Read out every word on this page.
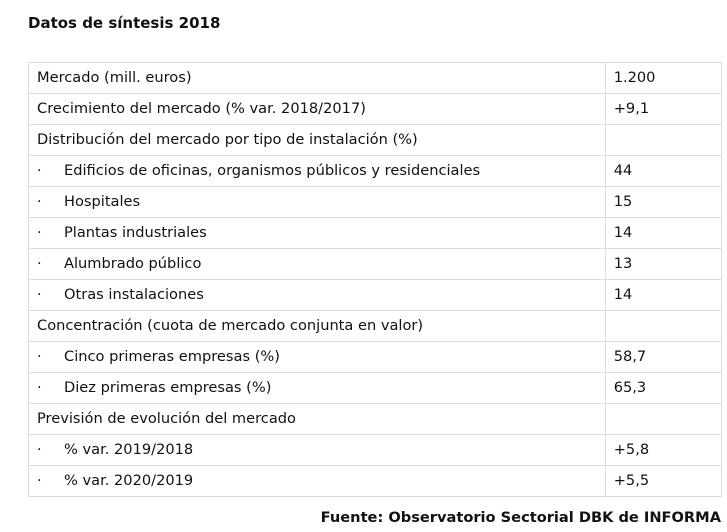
Datos de síntesis 2018
Mercado (mill. euros)	1.200
Crecimiento del mercado (% var. 2018/2017)	+9,1
Distribución del mercado por tipo de instalación (%)	
· Edificios de oficinas, organismos públicos y residenciales	44
· Hospitales	15
· Plantas industriales	14
· Alumbrado público	13
· Otras instalaciones	14
Concentración (cuota de mercado conjunta en valor)	
· Cinco primeras empresas (%)	58,7
· Diez primeras empresas (%)	65,3
Previsión de evolución del mercado	
· % var. 2019/2018	+5,8
· % var. 2020/2019	+5,5
Fuente: Observatorio Sectorial DBK de INFORMA
